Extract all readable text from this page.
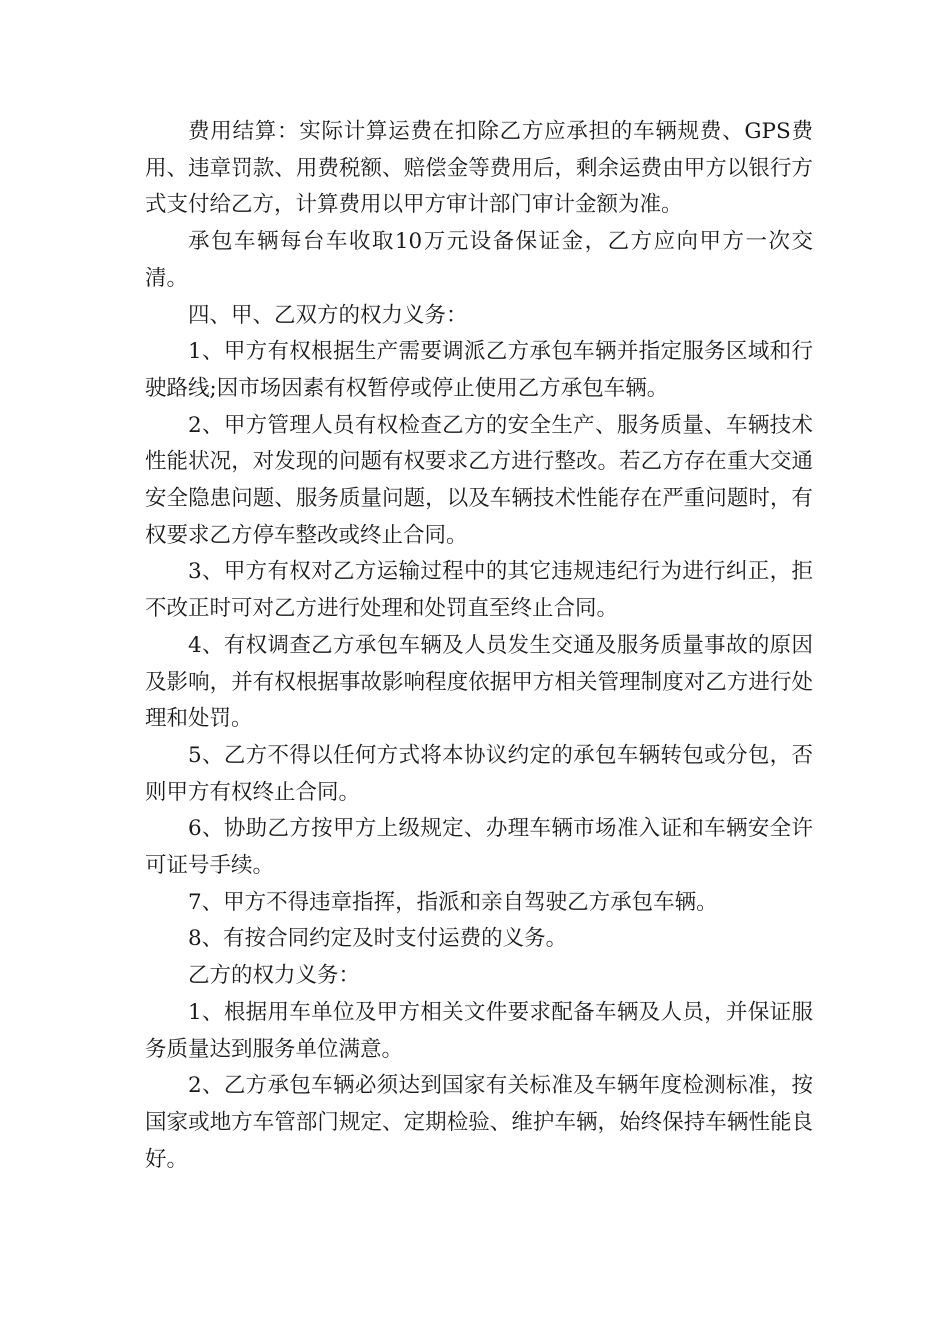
费用结算：实际计算运费在扣除乙方应承担的车辆规费、GPS费用、违章罚款、用费税额、赔偿金等费用后，剩余运费由甲方以银行方式支付给乙方，计算费用以甲方审计部门审计金额为准。

承包车辆每台车收取10万元设备保证金，乙方应向甲方一次交清。

四、甲、乙双方的权力义务：

1、甲方有权根据生产需要调派乙方承包车辆并指定服务区域和行驶路线;因市场因素有权暂停或停止使用乙方承包车辆。

2、甲方管理人员有权检查乙方的安全生产、服务质量、车辆技术性能状况，对发现的问题有权要求乙方进行整改。若乙方存在重大交通安全隐患问题、服务质量问题，以及车辆技术性能存在严重问题时，有权要求乙方停车整改或终止合同。

3、甲方有权对乙方运输过程中的其它违规违纪行为进行纠正，拒不改正时可对乙方进行处理和处罚直至终止合同。

4、有权调查乙方承包车辆及人员发生交通及服务质量事故的原因及影响，并有权根据事故影响程度依据甲方相关管理制度对乙方进行处理和处罚。

5、乙方不得以任何方式将本协议约定的承包车辆转包或分包，否则甲方有权终止合同。

6、协助乙方按甲方上级规定、办理车辆市场准入证和车辆安全许可证号手续。

7、甲方不得违章指挥，指派和亲自驾驶乙方承包车辆。

8、有按合同约定及时支付运费的义务。

乙方的权力义务：

1、根据用车单位及甲方相关文件要求配备车辆及人员，并保证服务质量达到服务单位满意。

2、乙方承包车辆必须达到国家有关标准及车辆年度检测标准，按国家或地方车管部门规定、定期检验、维护车辆，始终保持车辆性能良好。
